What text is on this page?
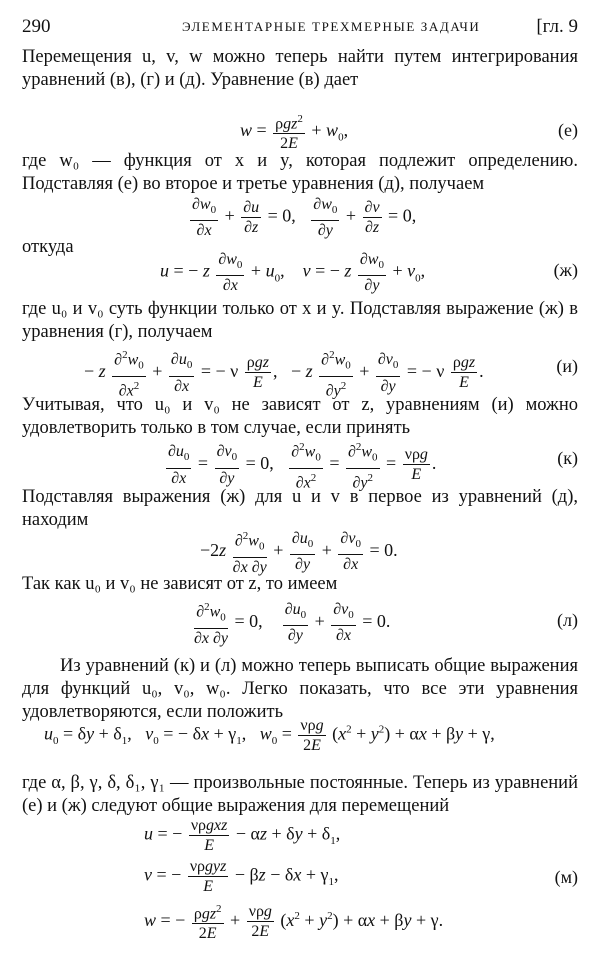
290	ЭЛЕМЕНТАРНЫЕ ТРЕХМЕРНЫЕ ЗАДАЧИ	[гл. 9

Перемещения u, v, w можно теперь найти путем интегрирования уравнений (в), (г) и (д). Уравнение (в) дает

w = ρgz$^2$
2E
+ $w_0$,	(е)

где w₀ — функция от x и y, которая подлежит определению. Подставляя (е) во второе и третье уравнения (д), получаем

$\frac{\partial w_0}{\partial x} + \frac{\partial u}{\partial z} = 0$, $\frac{\partial w_0}{\partial y} + \frac{\partial v}{\partial z} = 0$,

откуда

u = − z $\frac{\partial w_0}{\partial x} + u_0$,    v = − z $\frac{\partial w_0}{\partial y} + v_0$,	(ж)

где u₀ и v₀ суть функции только от x и y. Подставляя выражение (ж) в уравнения (г), получаем

− z $\frac{\partial^2w_0}{\partial x^2} + \frac{\partial u_0}{\partial x}$ = − ν ρgz
E
,   − z $\frac{\partial^2w_0}{\partial y^2} + \frac{\partial v_0}{\partial y}$ = − ν ρgz
E
.	(и)

Учитывая, что u₀ и v₀ не зависят от z, уравнениям (и) можно удовлетворить только в том случае, если принять

$\frac{\partial u_0}{\partial x} = \frac{\partial v_0}{\partial y} = 0$, $\frac{\partial^2w_0}{\partial x^2} = \frac{\partial^2w_0}{\partial y^2} = \nu\rho g$
E
.	(к)

Подставляя выражения (ж) для u и v в первое из уравнений (д), находим

$-2z \frac{\partial^2w_0}{\partial x \partial y} + \frac{\partial u_0}{\partial y} + \frac{\partial v_0}{\partial x} = 0$.

Так как u₀ и v₀ не зависят от z, то имеем

$\frac{\partial^2w_0}{\partial x \partial y} = 0$, $\frac{\partial u_0}{\partial y} + \frac{\partial v_0}{\partial x} = 0$.	(л)

Из уравнений (к) и (л) можно теперь выписать общие выражения для функций u₀, v₀, w₀. Легко показать, что все эти уравнения удовлетворяются, если положить

$u_0 = \delta y + \delta_1$,   $v_0$ = − $\delta x + \gamma_1$,   $w_0 = \nu\rho g$
2E
$(x^2 + y^2) + \alpha x + \beta y + \gamma$,

где α, β, γ, δ, δ₁, γ₁ — произвольные постоянные. Теперь из уравнений (е) и (ж) следуют общие выражения для перемещений

u = − νρgxz
E
− $\alpha z + \delta y + \delta_1$,
v = − νρgyz
E
− $\beta z - \delta x + \gamma_1$,	(м)
w = − ρgz$^2$
2E
+ νρg
2E
$(x^2 + y^2) + \alpha x + \beta y + \gamma$.
